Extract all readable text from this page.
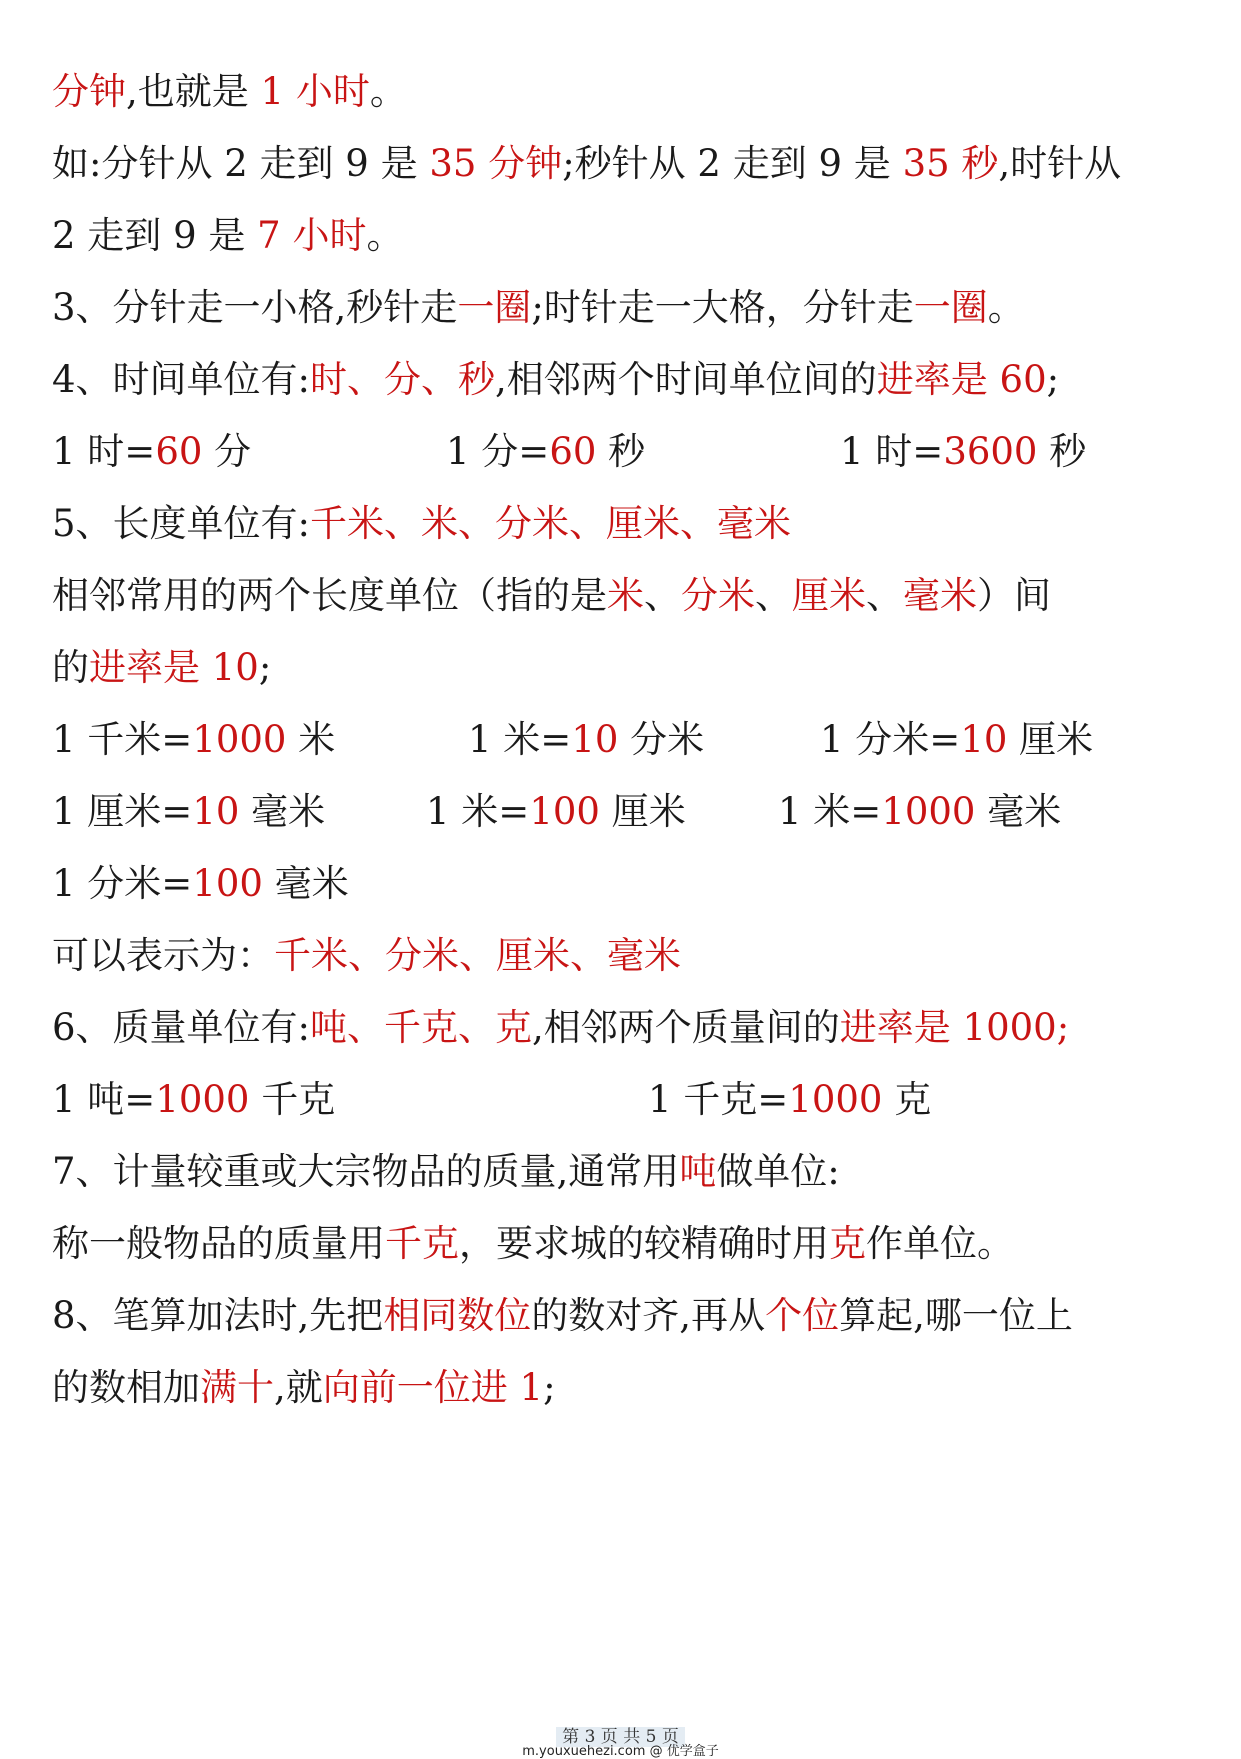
分钟,也就是 1 小时。
如:分针从 2 走到 9 是 35 分钟;秒针从 2 走到 9 是 35 秒,时针从
2 走到 9 是 7 小时。
3、分针走一小格,秒针走一圈;时针走一大格，分针走一圈。
4、时间单位有:时、分、秒,相邻两个时间单位间的进率是 60;
1 时=60 分	1 分=60 秒	1 时=3600 秒
5、长度单位有:千米、米、分米、厘米、毫米
相邻常用的两个长度单位（指的是米、分米、厘米、毫米）间
的进率是 10;
1 千米=1000 米	1 米=10 分米	1 分米=10 厘米
1 厘米=10 毫米	1 米=100 厘米 1 米=1000 毫米
1 分米=100 毫米
可以表示为：千米、分米、厘米、毫米
6、质量单位有:吨、千克、克,相邻两个质量间的进率是 1000;
1 吨=1000 千克	1 千克=1000 克
7、计量较重或大宗物品的质量,通常用吨做单位:
称一般物品的质量用千克，要求城的较精确时用克作单位。
8、笔算加法时,先把相同数位的数对齐,再从个位算起,哪一位上
的数相加满十,就向前一位进 1;
第 3 页 共 5 页
m.youxuehezi.com @ 优学盒子
